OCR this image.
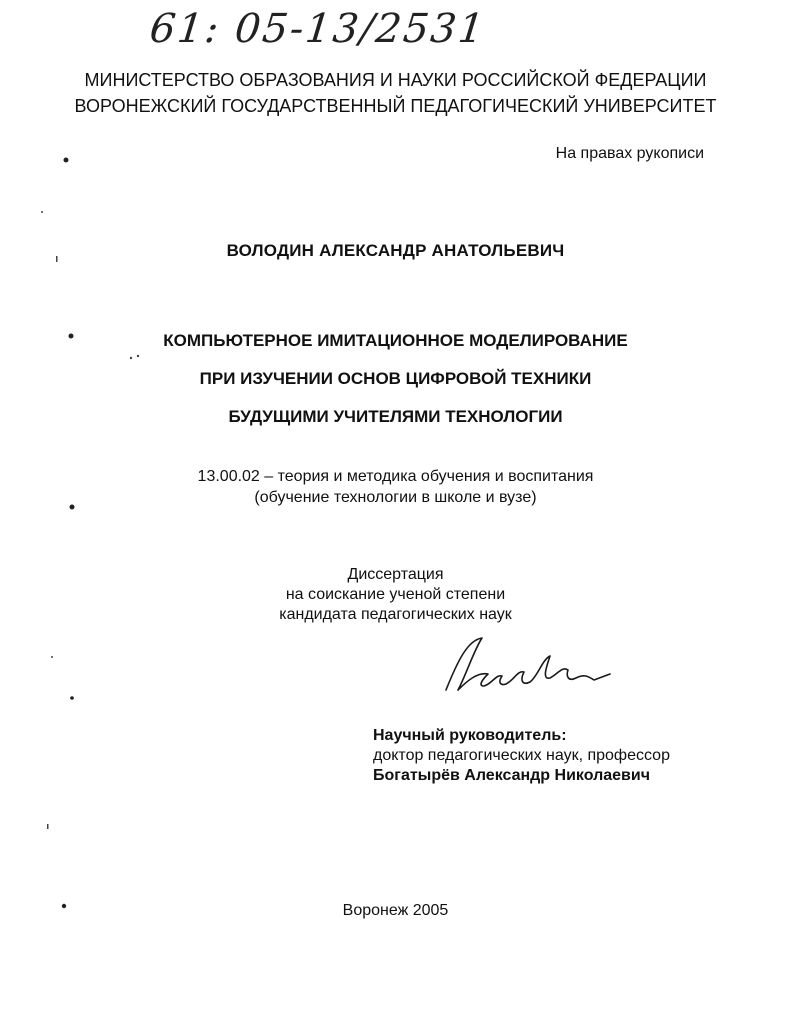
61: 05-13/2531
МИНИСТЕРСТВО ОБРАЗОВАНИЯ И НАУКИ РОССИЙСКОЙ ФЕДЕРАЦИИ
ВОРОНЕЖСКИЙ ГОСУДАРСТВЕННЫЙ ПЕДАГОГИЧЕСКИЙ УНИВЕРСИТЕТ
На правах рукописи
ВОЛОДИН АЛЕКСАНДР АНАТОЛЬЕВИЧ
КОМПЬЮТЕРНОЕ ИМИТАЦИОННОЕ МОДЕЛИРОВАНИЕ
ПРИ ИЗУЧЕНИИ ОСНОВ ЦИФРОВОЙ ТЕХНИКИ
БУДУЩИМИ УЧИТЕЛЯМИ ТЕХНОЛОГИИ
13.00.02 – теория и методика обучения и воспитания
(обучение технологии в школе и вузе)
Диссертация
на соискание ученой степени
кандидата педагогических наук
Научный руководитель:
доктор педагогических наук, профессор
Богатырёв Александр Николаевич
Воронеж 2005
